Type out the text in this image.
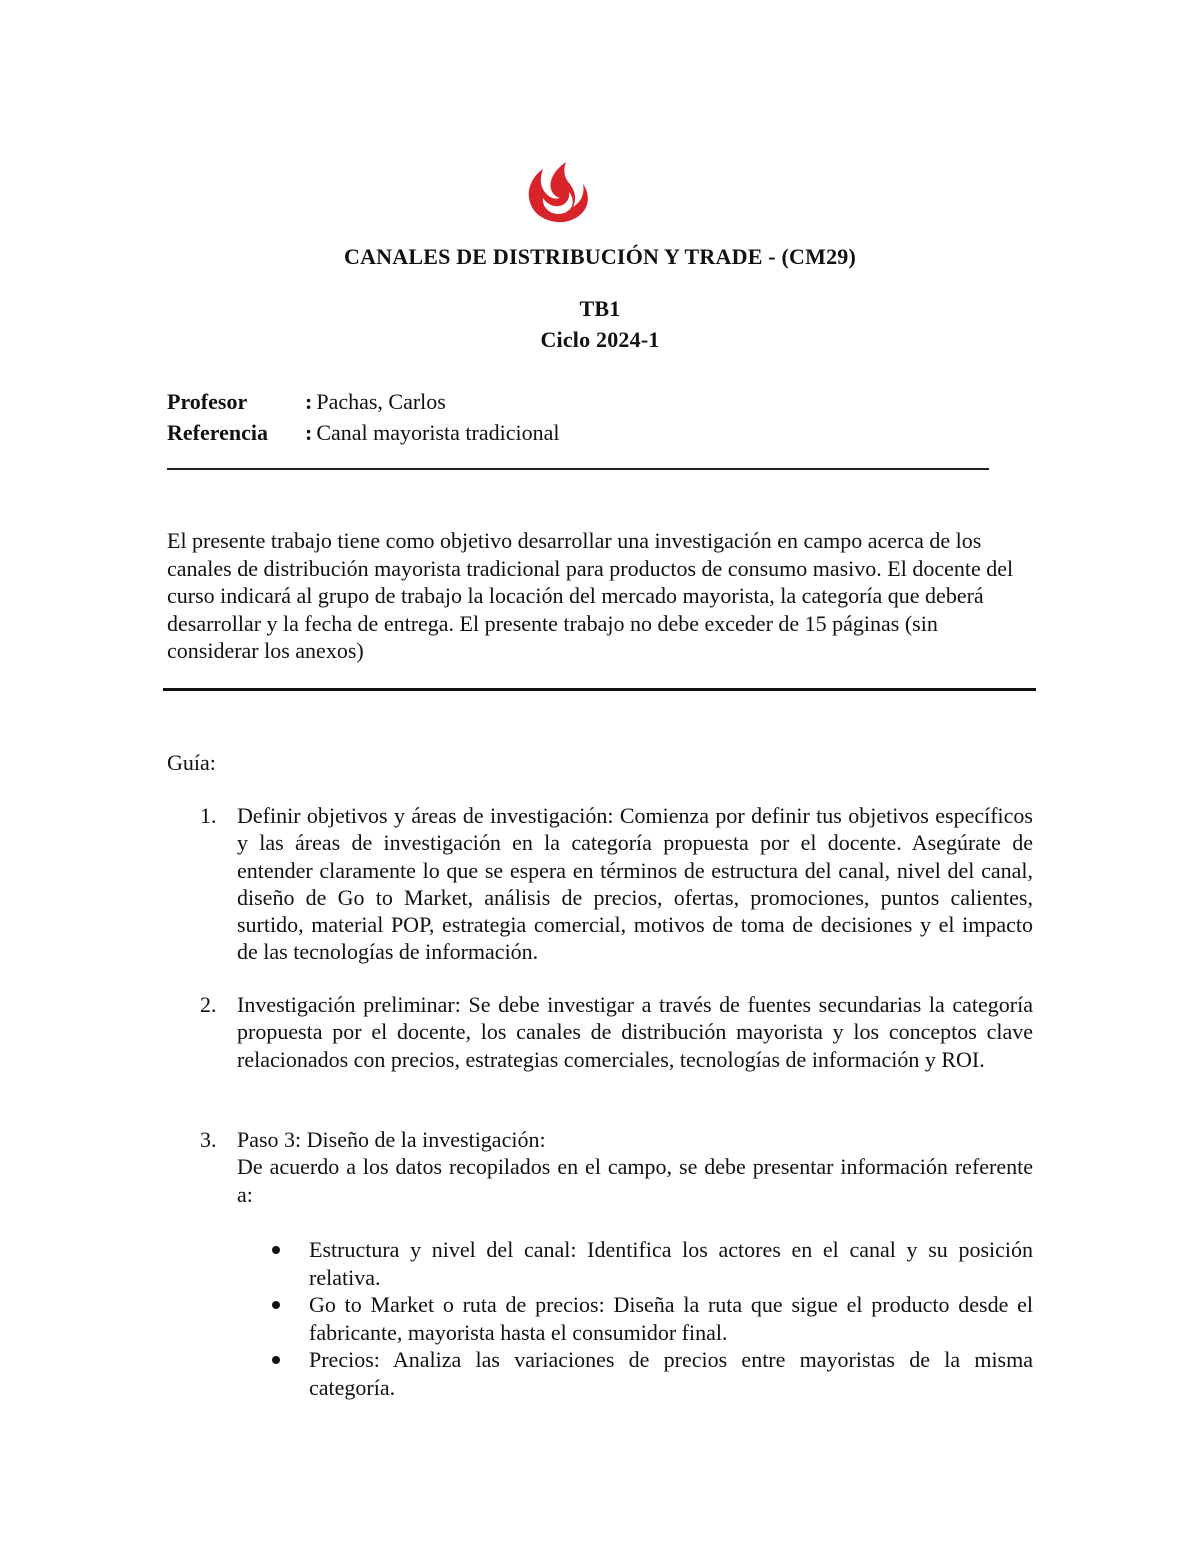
CANALES DE DISTRIBUCIÓN Y TRADE - (CM29)
TB1
Ciclo 2024-1
Profesor	: Pachas, Carlos
Referencia : Canal mayorista tradicional
El presente trabajo tiene como objetivo desarrollar una investigación en campo acerca de los canales de distribución mayorista tradicional para productos de consumo masivo. El docente del curso indicará al grupo de trabajo la locación del mercado mayorista, la categoría que deberá desarrollar y la fecha de entrega. El presente trabajo no debe exceder de 15 páginas (sin considerar los anexos)
Guía:
1. Definir objetivos y áreas de investigación: Comienza por definir tus objetivos específicos y las áreas de investigación en la categoría propuesta por el docente. Asegúrate de entender claramente lo que se espera en términos de estructura del canal, nivel del canal, diseño de Go to Market, análisis de precios, ofertas, promociones, puntos calientes, surtido, material POP, estrategia comercial, motivos de toma de decisiones y el impacto de las tecnologías de información.
2. Investigación preliminar: Se debe investigar a través de fuentes secundarias la categoría propuesta por el docente, los canales de distribución mayorista y los conceptos clave relacionados con precios, estrategias comerciales, tecnologías de información y ROI.
3. Paso 3: Diseño de la investigación:

De acuerdo a los datos recopilados en el campo, se debe presentar información referente a:

Estructura y nivel del canal: Identifica los actores en el canal y su posición relativa.
Go to Market o ruta de precios: Diseña la ruta que sigue el producto desde el fabricante, mayorista hasta el consumidor final.
Precios: Analiza las variaciones de precios entre mayoristas de la misma categoría.
